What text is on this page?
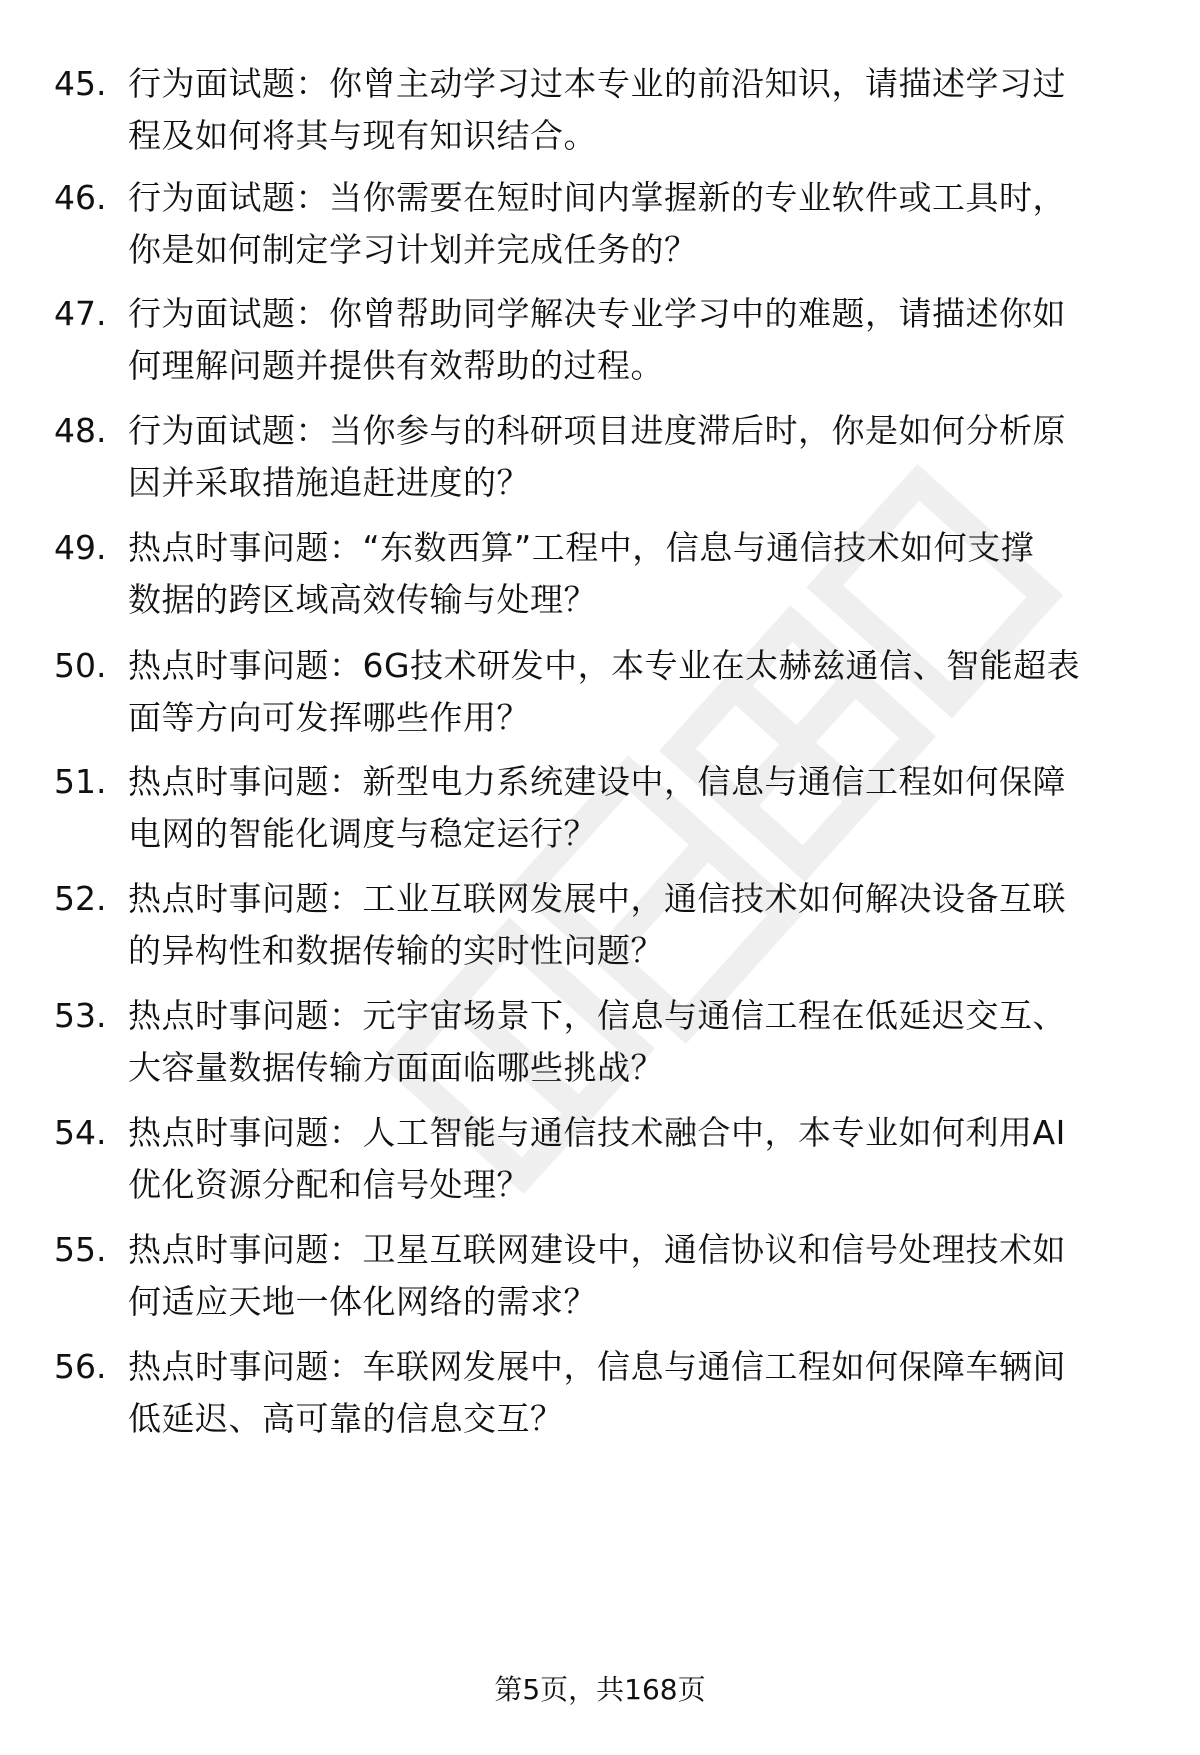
45. 行为面试题：你曾主动学习过本专业的前沿知识，请描述学习过
程及如何将其与现有知识结合。
46. 行为面试题：当你需要在短时间内掌握新的专业软件或工具时，
你是如何制定学习计划并完成任务的？
47. 行为面试题：你曾帮助同学解决专业学习中的难题，请描述你如
何理解问题并提供有效帮助的过程。
48. 行为面试题：当你参与的科研项目进度滞后时，你是如何分析原
因并采取措施追赶进度的？
49. 热点时事问题：“东数西算”工程中，信息与通信技术如何支撑
数据的跨区域高效传输与处理？
50. 热点时事问题：6G技术研发中，本专业在太赫兹通信、智能超表
面等方向可发挥哪些作用？
51. 热点时事问题：新型电力系统建设中，信息与通信工程如何保障
电网的智能化调度与稳定运行？
52. 热点时事问题：工业互联网发展中，通信技术如何解决设备互联
的异构性和数据传输的实时性问题？
53. 热点时事问题：元宇宙场景下，信息与通信工程在低延迟交互、
大容量数据传输方面面临哪些挑战？
54. 热点时事问题：人工智能与通信技术融合中，本专业如何利用AI
优化资源分配和信号处理？
55. 热点时事问题：卫星互联网建设中，通信协议和信号处理技术如
何适应天地一体化网络的需求？
56. 热点时事问题：车联网发展中，信息与通信工程如何保障车辆间
低延迟、高可靠的信息交互？
第5页，共168页
